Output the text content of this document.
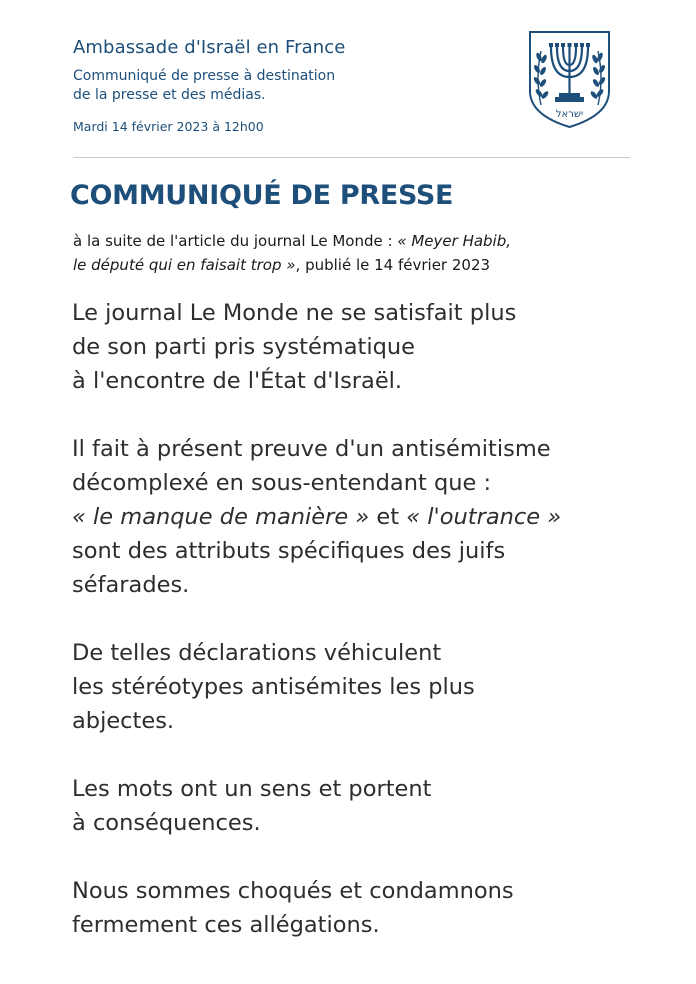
Ambassade d'Israël en France
Communiqué de presse à destination
de la presse et des médias.
Mardi 14 février 2023 à 12h00
ישראל
COMMUNIQUÉ DE PRESSE
à la suite de l'article du journal Le Monde : « Meyer Habib,
le député qui en faisait trop », publié le 14 février 2023
Le journal Le Monde ne se satisfait plus
de son parti pris systématique
à l'encontre de l'État d'Israël.
Il fait à présent preuve d'un antisémitisme
décomplexé en sous-entendant que :
« le manque de manière » et « l'outrance »
sont des attributs spécifiques des juifs
séfarades.
De telles déclarations véhiculent
les stéréotypes antisémites les plus
abjectes.
Les mots ont un sens et portent
à conséquences.
Nous sommes choqués et condamnons
fermement ces allégations.
